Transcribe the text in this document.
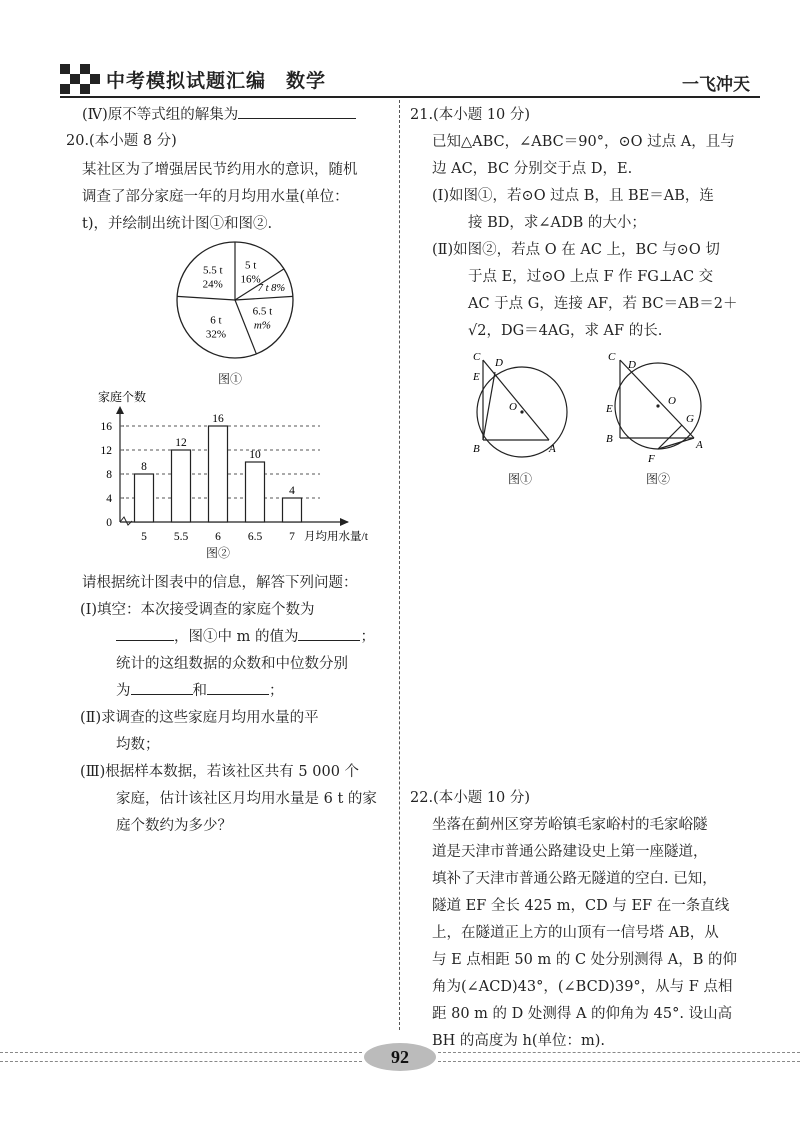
中考模拟试题汇编　数学	一飞冲天
(Ⅳ)原不等式组的解集为
20.(本小题 8 分)
某社区为了增强居民节约用水的意识，随机
调查了部分家庭一年的月均用水量(单位：
t)，并绘制出统计图①和图②.
5 t
16%
7 t 8%
6.5 t
m%
6 t
32%
5.5 t
24%
图①
家庭个数
月均用水量/t
0
4
8
12
16
8
5
12
5.5
16
6
10
6.5
4
7
图②
请根据统计图表中的信息，解答下列问题：
(Ⅰ)填空：本次接受调查的家庭个数为
，图①中 m 的值为	；
统计的这组数据的众数和中位数分别
为	和	；
(Ⅱ)求调查的这些家庭月均用水量的平
均数；
(Ⅲ)根据样本数据，若该社区共有 5 000 个
家庭，估计该社区月均用水量是 6 t 的家
庭个数约为多少？
21.(本小题 10 分)
已知△ABC，∠ABC＝90°，⊙O 过点 A，且与
边 AC，BC 分别交于点 D，E.
(Ⅰ)如图①，若⊙O 过点 B，且 BE＝AB，连
接 BD，求∠ADB 的大小；
(Ⅱ)如图②，若点 O 在 AC 上，BC 与⊙O 切
于点 E，过⊙O 上点 F 作 FG⊥AC 交
AC 于点 G，连接 AF，若 BC＝AB＝2＋
√2，DG＝4AG，求 AF 的长.
C D
E
O
B	A
图①
C
D
E
O
G
B	A
F
图②
22.(本小题 10 分)
坐落在蓟州区穿芳峪镇毛家峪村的毛家峪隧
道是天津市普通公路建设史上第一座隧道，
填补了天津市普通公路无隧道的空白. 已知，
隧道 EF 全长 425 m，CD 与 EF 在一条直线
上，在隧道正上方的山顶有一信号塔 AB，从
与 E 点相距 50 m 的 C 处分别测得 A，B 的仰
角为(∠ACD)43°，(∠BCD)39°，从与 F 点相
距 80 m 的 D 处测得 A 的仰角为 45°. 设山高
BH 的高度为 h(单位：m).
92
